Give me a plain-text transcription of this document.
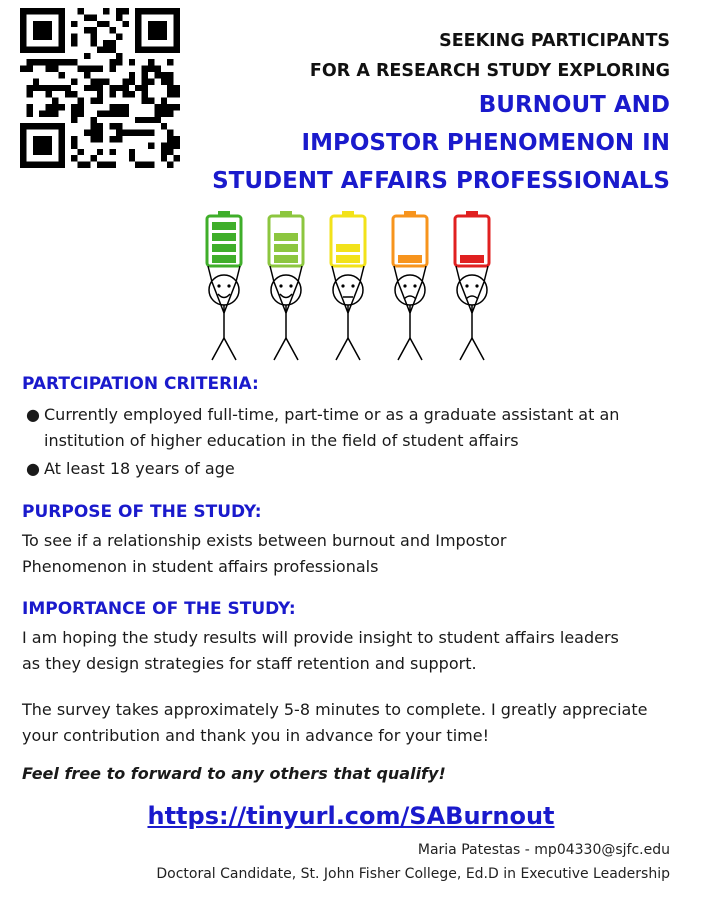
SEEKING PARTICIPANTS
FOR A RESEARCH STUDY EXPLORING
BURNOUT AND
IMPOSTOR PHENOMENON IN
STUDENT AFFAIRS PROFESSIONALS
PARTCIPATION CRITERIA:
● Currently employed full-time, part-time or as a graduate assistant at an institution of higher education in the field of student affairs
● At least 18 years of age
PURPOSE OF THE STUDY:
To see if a relationship exists between burnout and Impostor Phenomenon in student affairs professionals
IMPORTANCE OF THE STUDY:
I am hoping the study results will provide insight to student affairs leaders as they design strategies for staff retention and support.
The survey takes approximately 5-8 minutes to complete. I greatly appreciate your contribution and thank you in advance for your time!
Feel free to forward to any others that qualify!
https://tinyurl.com/SABurnout
Maria Patestas - mp04330@sjfc.edu
Doctoral Candidate, St. John Fisher College, Ed.D in Executive Leadership
